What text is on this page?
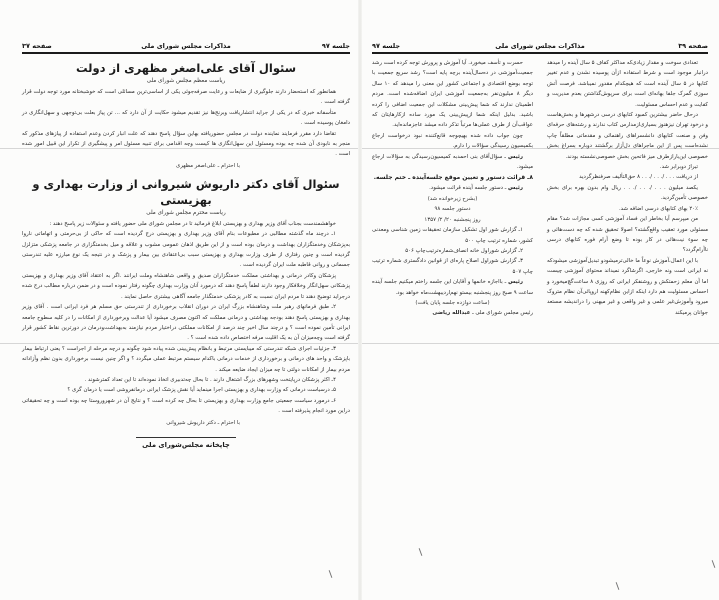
جلسه ۹۷
مذاکرات مجلس شورای ملی
صفحه ۳۷
سئوال آقای علی‌اصغر مظهری از دولت
ریاست معظم مجلس شورای ملی

همانطور که استحضار دارند جلوگیری از ضایعات و رعایت صرفه‌جوئی یکی از اساسی‌ترین مسائلی است که خوشبختانه مورد توجه دولت قرار گرفته است .

متأسفانه خبری که در یکی از جراید انتشاریافت وبرنج‌ها نیز تقدیم میشود حکایت از آن دارد که ... تن پیاز بعلت بی‌توجهی و سهل‌انگاری در دامغان پوسیده است .

تقاضا دارد مقرر فرمایند نماینده دولت در مجلس حضوریافته بهاین سؤال پاسخ دهند که علت انبار کردن وعدم استفاده از پیازهای مذکور که منجر به نابودی آن شده چه بوده ومسئول این سهل‌انگاری ها کیست وچه اقدامی برای تنبیه مسئول امر و پیشگیری از تکرار این قبیل امور شده است .

با احترام ـ علی‌اصغر مظهری
سئوال آقای دکتر داریوش شیروانی از وزارت بهداری و بهزیستی
ریاست محترم مجلس شورای ملی

خواهشمندست بجناب آقای وزیر بهداری و بهزیستی ابلاغ فرمائید تا در مجلس شورای ملی حضور یافته و سئوالات زیر پاسخ دهند :

۱ـ درچند ماه گذشته مطالبی در مطبوعات بنام آقای وزیر بهداری و بهزیستی درج گردیده است که حاکی از بی‌حرمتی و اتهاماتی ناروا به‌پزشکان وخدمتگزاران بهداشت و درمان بوده است و از این طریق اذهان عمومی مشوب و علاقه و میل بخدمتگزاری در جامعه پزشکی متزلزل گردیده است و چنین رفتاری از طرف وزارت بهداری و بهزیستی سبب بی‌اعتقادی بین بیمار و پزشک و در نتیجه یک نوع مبارزه علیه تندرستی جسمانی و روانی قاطبه ملت ایران گردیده است .

پزشکان وکادر درمانی و بهداشتی مملکت خدمتگزاران صدیق و واقعی شاهنشاه وملت ایرانند .اگر به اعتقاد آقای وزیر بهداری و بهزیستی پزشکانی سهل‌انگار وخلافکار وجود دارند لطفاً پاسخ دهند که درمورد آنان وزارت بهداری چگونه رفتار نموده است و در ضمن درباره مطالب درج شده درجراید توضیح دهند تا مردم ایران نسبت به کادر پزشکی خدمتگذار جامعه آگاهی بیشتری حاصل نمایند .

۲ـ طبق فرمانهای رهبر ملت وشاهنشاه بزرگ ایران در دوران انقلاب برخورداری از تندرستی حق مسلم هر فرد ایرانی است . آقای وزیر بهداری و بهزیستی پاسخ دهند بودجه بهداشتی و درمانی مملکت که اکنون مصرف میشود آیا عدالت وبرخورداری از امکانات را در کلیه سطوح جامعه ایرانی تأمین نموده است ؟ و درچند سال اخیر چند درصد از امکانات مملکتی دراختیار مردم نیازمند به‌بهداشت‌ودرمان در دورترین نقاط کشور قرار گرفته است وچه‌میزان آن به یک اقلیت مرفه اختصاص داده شده است ؟ .

۳ـ جزئیات اجرای شبکه تندرستی که میبایستی مرتبط و بانظام پیش‌بینی شده پیاده شود چگونه و درچه مرحله از اجراست ؟ یعنی ارتباط بیمار باپزشک و واحد های درمانی و برخورداری از خدمات درمانی باکدام سیستم مرتبط عملی میگردد ؟ و اگر چنین نیست برخورداری بدون نظم وآزادانه مردم بیمار از امکانات دولتی تا چه میزان ایجاد ضایعه میکند .

۴ـ اکثر پزشکان درپایتخت وشهرهای بزرگ اشتغال دارند . تا بحال چه‌تدبیری اتخاذ نموده‌اند تا این تعداد کمترشوند .

۵ـ درسیاست درمانی که وزارت بهداری و بهزیستی اجرا مینماید آیا نقش پزشک ایرانی درمانفروشی است یا درمان گری ؟

۶ـ درمورد سیاست جمعیتی جامع وزارت بهداری و بهزیستی تا بحال چه کرده است ؟ و نتایج آن در شهرو‌روستا چه بوده است و چه تحقیقاتی دراین مورد انجام پذیرفته است .

با احترام ـ دکتر داریوش شیروانی
چاپخانه مجلس‌شورای ملی
صفحه ۳۹
مذاکرات مجلس شورای ملی
جلسه ۹۷

تعدادی سوخت و مقدار زیادی‌که مداکثر کفاف ۵ سال آینده را میدهد درانبار موجود است و شرط استفاده ازآن پوسیده نشدن و عدم تغییر کتابها در ۵ سال آینده است که هیچکدام مقدور نمیباشد. فرصت آتش سوزی گمرک جلفا بهانه‌ای است برای سرپوش‌گذاشتن بعدم مدیریت و کفایت و عدم احساس مسئولیت.

درحال حاضر بیشترین کمبود کتابهای درسی درشهرها و بخش‌هاست و درخود تهران نیزهنوز بسیاری‌ازمدارس کتاب ندارند و رشته‌های حرفه‌ای وفن و صنعت کتابهای دانشسراهای راهنمائی و مقدماتی مطلقاً چاپ نشده‌است پس از این ماجراهای دل‌آزار برگشتند دوباره بسراغ بخش خصوصی این‌بارازطرف میز فاتحین بخش خصوصی‌نشسته بودند.

تیراژ دوبرابر شد.

از دریافت . . . /. . . /. . . ۸ حق‌التألیف صرفنظرگردید

یکصد میلیون . . . /. . . /. . . ریال وام بدون بهره برای بخش خصوصی تأمین‌گردید.

۲۰٪ بهای کتابهای درسی اضافه شد.

من میپرسم آیا بخاطر این فساد آموزشی کسی مجازات شد؟ مقام مسئولی مورد تعقیب واقع‌گشته؟ اصولا تحقیق شده که چه دست‌هائی و چه سوء نیت‌هائی در کار بوده تا وضع آرام فوره کتابهای درسی ناآرام‌گردد؟

با این اعمال،آموزش نوعاً ما خالی‌ترمیشودو تبدیل‌آموزشی میشودکه نه ایرانی است ونه خارجی، اگرشاگرد نمیداند محتوای آموزشی چیست اما آن معلم زحمتکش و روشنفکر ایرانی که روزی ۸ ساعت‌گچ‌میخورد و احساس مسئولیت هم دارد اینکه ازاین نظام‌کهنه اروپائی‌آن نظام متروک میرود وآموزش‌غیر علمی و غیر واقعی و غیر میهنی را دراندیشه مستعد جوانان پرمیکند

حسرت و تأسف میخورد. آیا آموزش و پرورش توجه کرده است رشد جمعیت‌آموزشی در ده‌سال‌آینده برچه پایه است؟ رشد سریع جمعیت با توجه بوضع اقتصادی و اجتماعی کشور این معنی را میدهد که ۱۰ سال دیگر ۸ میلیون‌نفر به‌جمعیت آموزشی ایران اضافه‌شده است. مردم اطمینان ندارند که شما پیش‌بینی مشکلات این جمعیت اضافی را کرده باشید. بدلیل اینکه شما ازپیش‌بینی یک مورد ساده ازکارهایتان که عواقب‌آن از طرف عملی‌ها مرتباً تذکر داده میشد عاجزمانده‌اید.

چون جواب داده شده بهیچوجه قانع‌کننده نبود درخواست ارجاع بکمیسیون رسیدگی سؤالات را دارم.

رئیس ـ سؤال‌آقای بنی احمدبه کمیسیون‌رسیدگی به سؤالات ارجاع میشود.

۸ـ قرائت دستور و تعیین موقع جلسه‌آینده ـ ختم جلسه.

رئیس ـ دستور جلسه آینده قرائت میشود.

(بشرح زیرخوانده شد)
دستور جلسه ۹۸
روز پنجشنبه ۲۰/ ۲/ ۱۳۵۷

۱ـ گزارش شور اول تشکیل سازمان تحقیقات زمین شناسی ومعدنی کشور، شماره ترتیب چاپ ۵۰۰

۲ـ گزارش شوراول خانه انصاف‌شماره‌ترتیب‌چاپ ۵۰۶

۳ـ گزارش شوراول اصلاح پاره‌ای از قوانین دادگستری شماره ترتیب چاپ ۵۰۷

رئیس ـ بااجازه خانمها و آقایان این جلسه راختم میکنیم جلسه آینده ساعت ۹ صبح روز پنجشنبه بیستو نهم‌اردیبهشت‌ماه خواهد بود.

(ساعت دوازده جلسه پایان یافت)

رئیس مجلس شورای ملی ـ عبدالله ریاضی
